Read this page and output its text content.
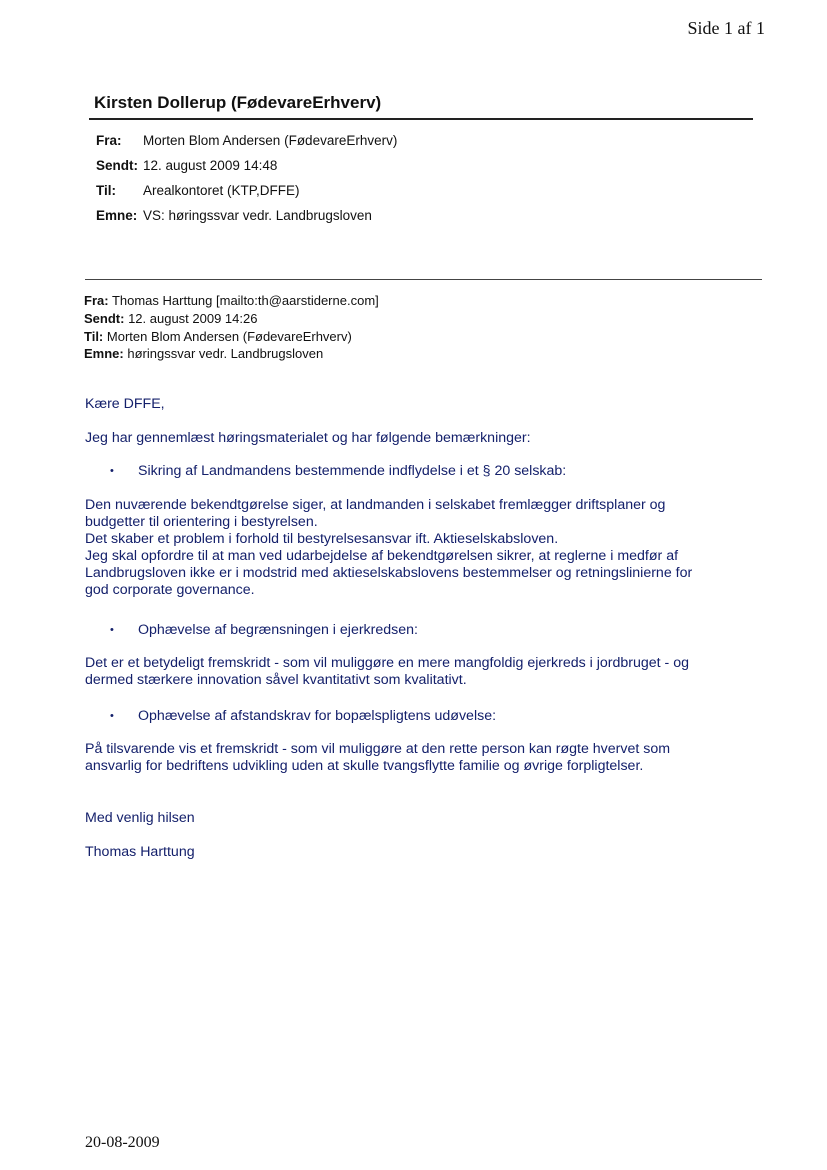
Side 1 af 1
Kirsten Dollerup (FødevareErhverv)
Fra: Morten Blom Andersen (FødevareErhverv)
Sendt: 12. august 2009 14:48
Til: Arealkontoret (KTP,DFFE)
Emne: VS: høringssvar vedr. Landbrugsloven
Fra: Thomas Harttung [mailto:th@aarstiderne.com]
Sendt: 12. august 2009 14:26
Til: Morten Blom Andersen (FødevareErhverv)
Emne: høringssvar vedr. Landbrugsloven
Kære DFFE,
Jeg har gennemlæst høringsmaterialet og har følgende bemærkninger:
• Sikring af Landmandens bestemmende indflydelse i et § 20 selskab:
Den nuværende bekendtgørelse siger, at landmanden i selskabet fremlægger driftsplaner og
budgetter til orientering i bestyrelsen.
Det skaber et problem i forhold til bestyrelsesansvar ift. Aktieselskabsloven.
Jeg skal opfordre til at man ved udarbejdelse af bekendtgørelsen sikrer, at reglerne i medfør af
Landbrugsloven ikke er i modstrid med aktieselskabslovens bestemmelser og retningslinierne for
god corporate governance.
• Ophævelse af begrænsningen i ejerkredsen:
Det er et betydeligt fremskridt - som vil muliggøre en mere mangfoldig ejerkreds i jordbruget - og
dermed stærkere innovation såvel kvantitativt som kvalitativt.
• Ophævelse af afstandskrav for bopælspligtens udøvelse:
På tilsvarende vis et fremskridt - som vil muliggøre at den rette person kan røgte hvervet som
ansvarlig for bedriftens udvikling uden at skulle tvangsflytte familie og øvrige forpligtelser.
Med venlig hilsen
Thomas Harttung
20-08-2009
